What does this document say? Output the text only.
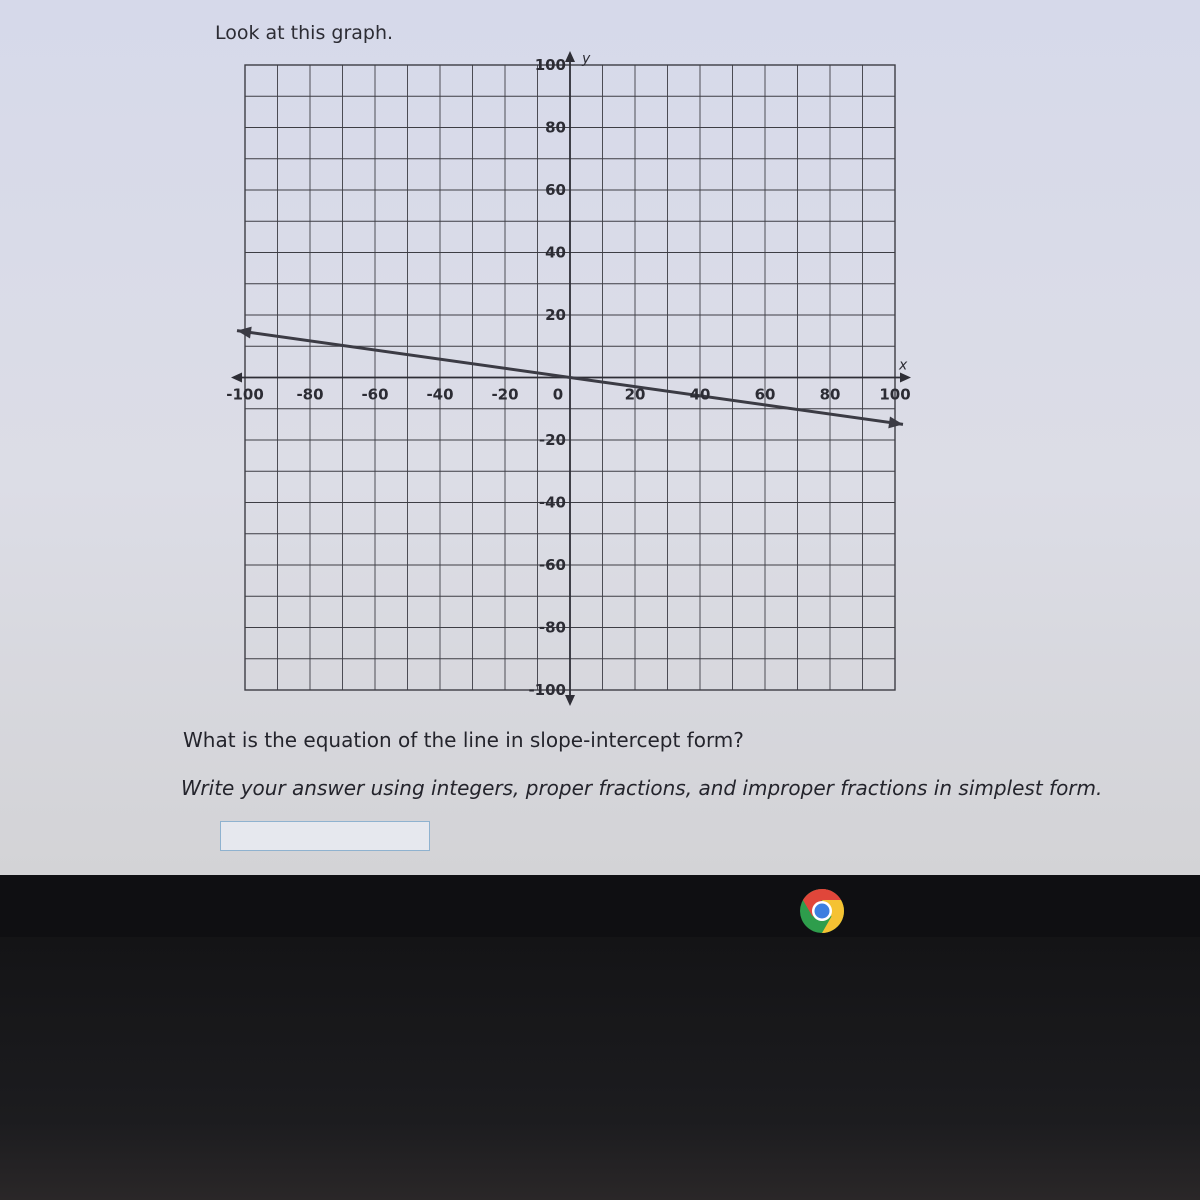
Look at this graph.
x
y
-100 -80	-60	-40	-20 0	20	40	60	80	100
100
80
60
40
20
-20
-40
-60
-80
-100
What is the equation of the line in slope-intercept form?
Write your answer using integers, proper fractions, and improper fractions in simplest form.
